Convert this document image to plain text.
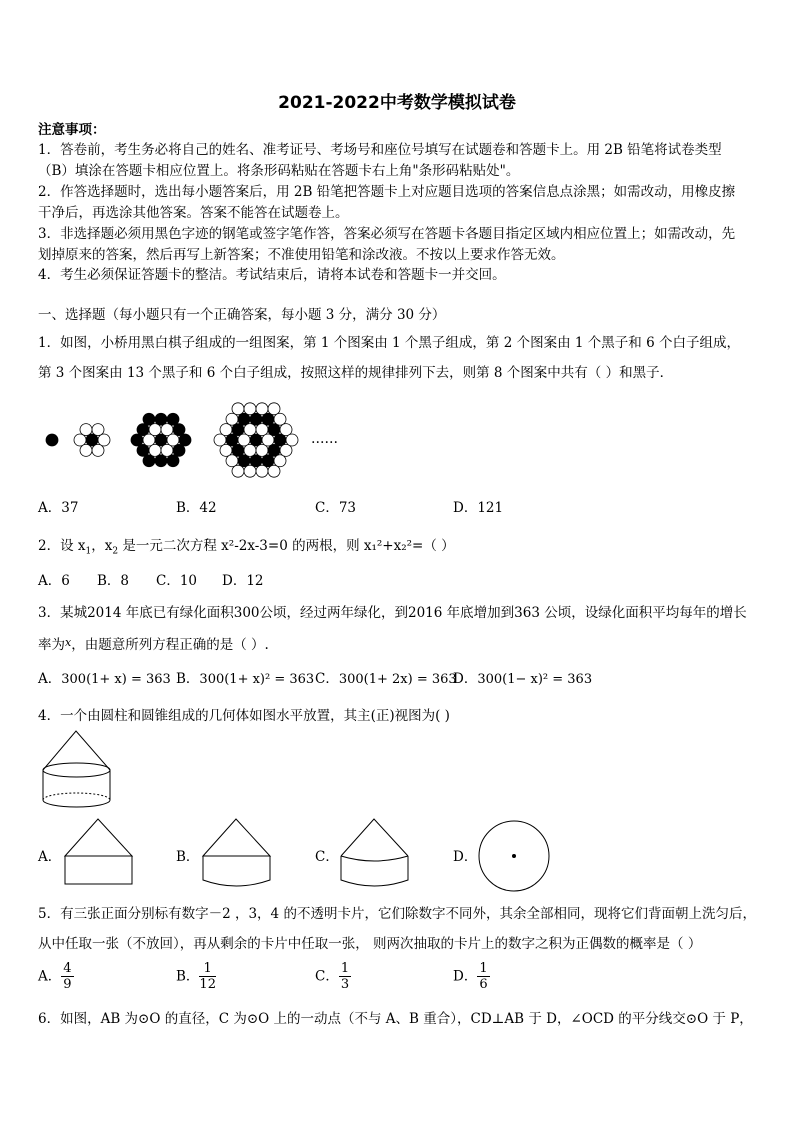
2021-2022中考数学模拟试卷
注意事项：
1．答卷前，考生务必将自己的姓名、准考证号、考场号和座位号填写在试题卷和答题卡上。用 2B 铅笔将试卷类型
（B）填涂在答题卡相应位置上。将条形码粘贴在答题卡右上角"条形码粘贴处"。
2．作答选择题时，选出每小题答案后，用 2B 铅笔把答题卡上对应题目选项的答案信息点涂黑；如需改动，用橡皮擦
干净后，再选涂其他答案。答案不能答在试题卷上。
3．非选择题必须用黑色字迹的钢笔或签字笔作答，答案必须写在答题卡各题目指定区域内相应位置上；如需改动，先
划掉原来的答案，然后再写上新答案；不准使用铅笔和涂改液。不按以上要求作答无效。
4．考生必须保证答题卡的整洁。考试结束后，请将本试卷和答题卡一并交回。
一、选择题（每小题只有一个正确答案，每小题 3 分，满分 30 分）
1．如图，小桥用黑白棋子组成的一组图案，第 1 个图案由 1 个黑子组成，第 2 个图案由 1 个黑子和 6 个白子组成，
第 3 个图案由 13 个黑子和 6 个白子组成，按照这样的规律排列下去，则第 8 个图案中共有（ ）和黑子．
……
A．37	B．42	C．73	D．121
2．设 $x_1$，$x_2$ 是一元二次方程 x²-2x-3=0 的两根，则 x₁²+x₂²=（ ）
A．6 B．8 C．10 D．12
3．某城2014 年底已有绿化面积300公顷，经过两年绿化，到2016 年底增加到363 公顷，设绿化面积平均每年的增长
率为$^x$，由题意所列方程正确的是（ ）.
A．300(1+ x) = 363 B．300(1+ x)² = 363 C．300(1+ 2x) = 363
D．300(1− x)² = 363
4．一个由圆柱和圆锥组成的几何体如图水平放置，其主(正)视图为( )
A．	B．	C．	D．
5．有三张正面分别标有数字－2 ，3，4 的不透明卡片，它们除数字不同外，其余全部相同，现将它们背面朝上洗匀后，
从中任取一张（不放回），再从剩余的卡片中任取一张， 则两次抽取的卡片上的数字之积为正偶数的概率是（ ）
A． $\frac{4}{9}$	B． $\frac{1}{12}$	C． $\frac{1}{3}$	D． $\frac{1}{6}$
6．如图，AB 为⊙O 的直径，C 为⊙O 上的一动点（不与 A、B 重合），CD⊥AB 于 D，∠OCD 的平分线交⊙O 于 P，
